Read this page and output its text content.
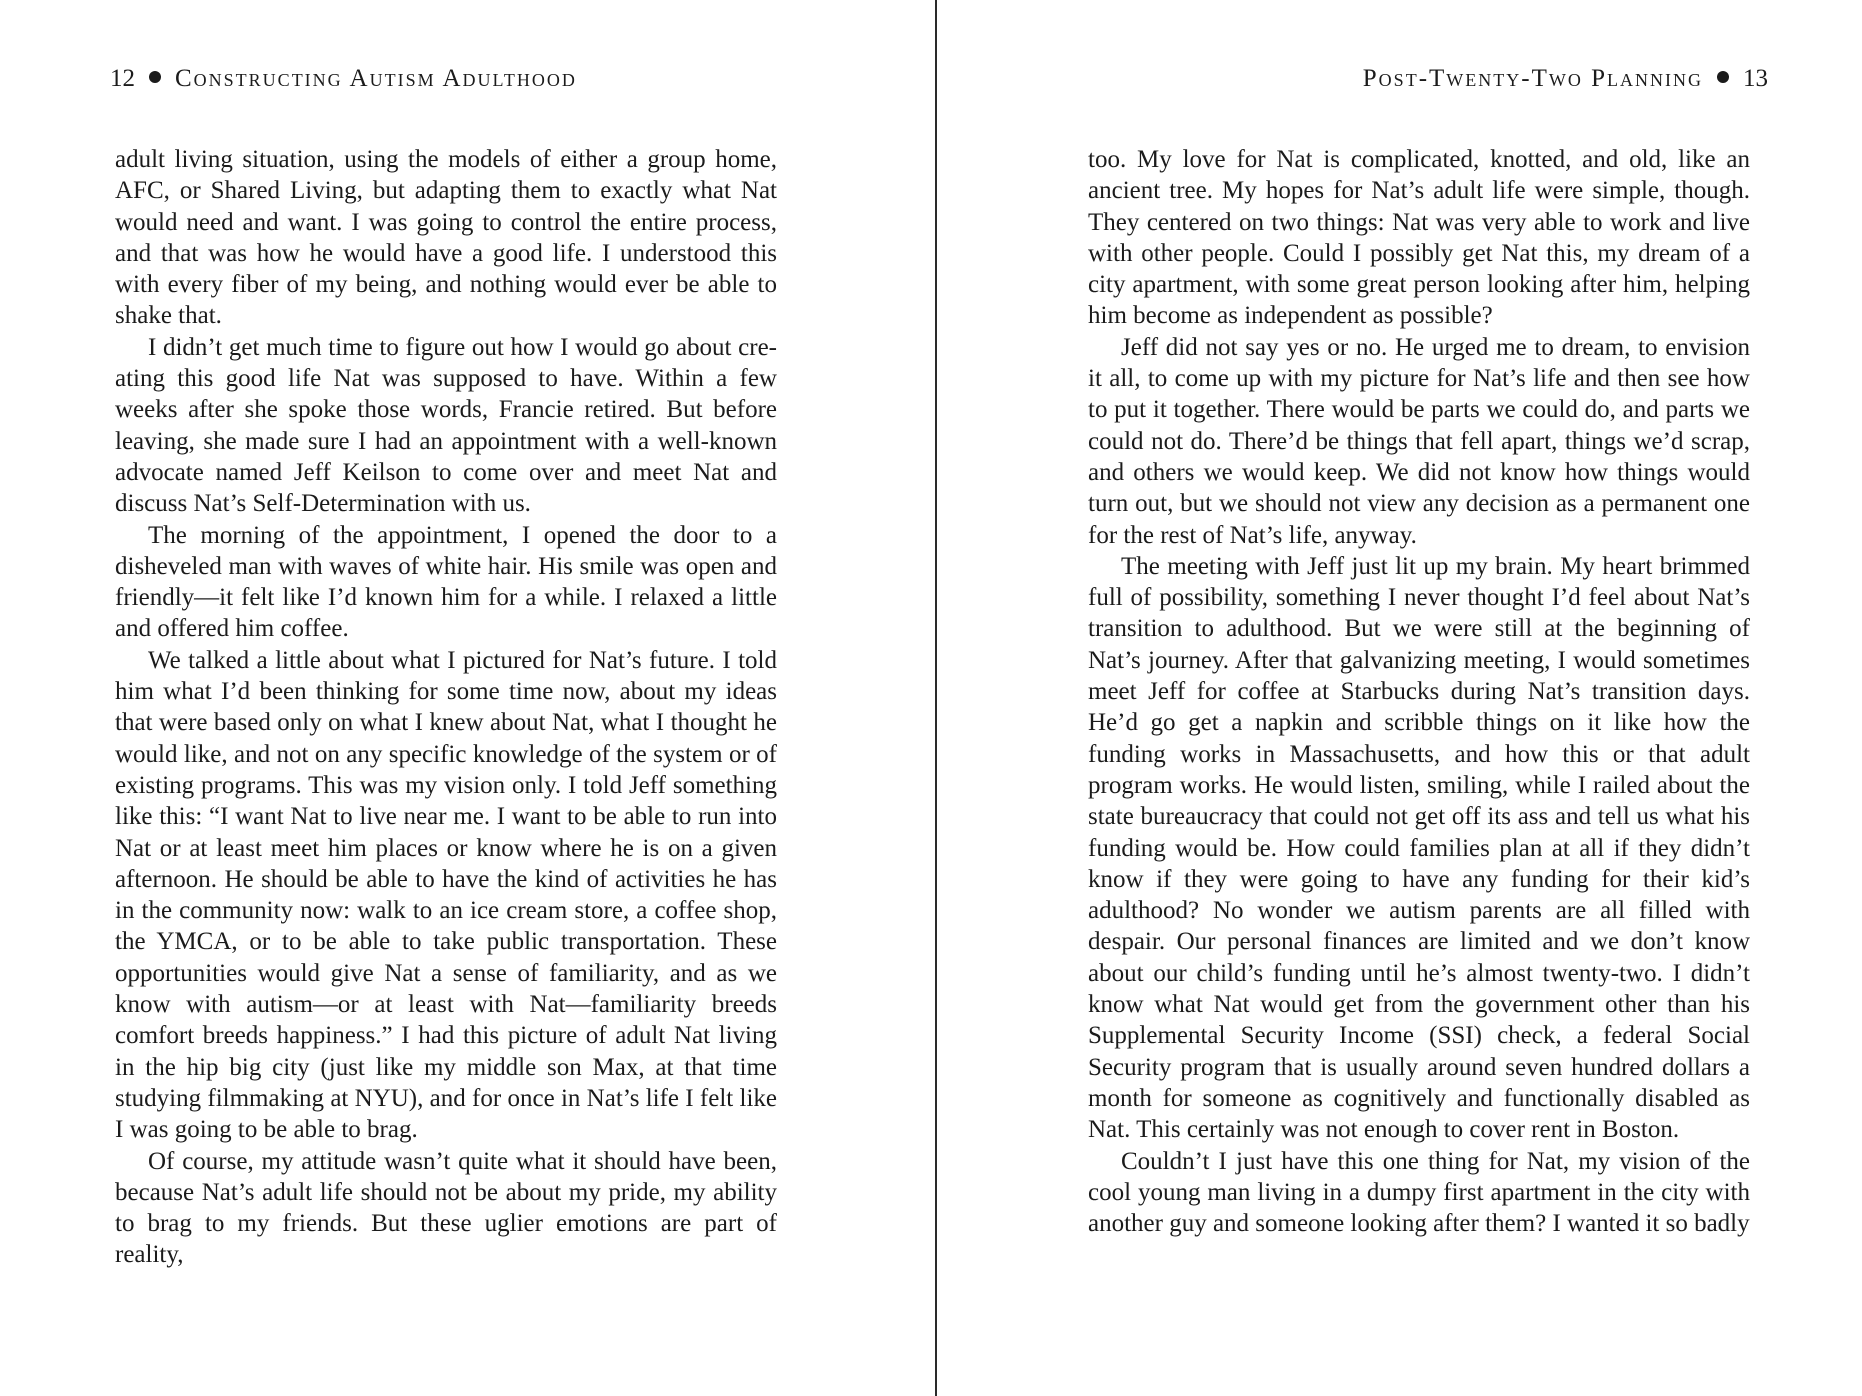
12 Constructing Autism Adulthood

adult living situation, using the models of either a group home, AFC, or Shared Living, but adapting them to exactly what Nat would need and want. I was going to control the entire process, and that was how he would have a good life. I understood this with every fiber of my being, and nothing would ever be able to shake that.

I didn’t get much time to figure out how I would go about cre-ating this good life Nat was supposed to have. Within a few weeks after she spoke those words, Francie retired. But before leaving, she made sure I had an appointment with a well-known advocate named Jeff Keilson to come over and meet Nat and discuss Nat’s Self-Determination with us.

The morning of the appointment, I opened the door to a disheveled man with waves of white hair. His smile was open and friendly—it felt like I’d known him for a while. I relaxed a little and offered him coffee.

We talked a little about what I pictured for Nat’s future. I told him what I’d been thinking for some time now, about my ideas that were based only on what I knew about Nat, what I thought he would like, and not on any specific knowledge of the system or of existing programs. This was my vision only. I told Jeff something like this: “I want Nat to live near me. I want to be able to run into Nat or at least meet him places or know where he is on a given afternoon. He should be able to have the kind of activities he has in the community now: walk to an ice cream store, a coffee shop, the YMCA, or to be able to take public transportation. These opportunities would give Nat a sense of familiarity, and as we know with autism—or at least with Nat—familiarity breeds comfort breeds happiness.” I had this picture of adult Nat living in the hip big city (just like my middle son Max, at that time studying filmmaking at NYU), and for once in Nat’s life I felt like I was going to be able to brag.

Of course, my attitude wasn’t quite what it should have been, because Nat’s adult life should not be about my pride, my ability to brag to my friends. But these uglier emotions are part of reality,

Post-Twenty-Two Planning 13

too. My love for Nat is complicated, knotted, and old, like an ancient tree. My hopes for Nat’s adult life were simple, though. They centered on two things: Nat was very able to work and live with other people. Could I possibly get Nat this, my dream of a city apartment, with some great person looking after him, helping him become as independent as possible?

Jeff did not say yes or no. He urged me to dream, to envision it all, to come up with my picture for Nat’s life and then see how to put it together. There would be parts we could do, and parts we could not do. There’d be things that fell apart, things we’d scrap, and others we would keep. We did not know how things would turn out, but we should not view any decision as a permanent one for the rest of Nat’s life, anyway.

The meeting with Jeff just lit up my brain. My heart brimmed full of possibility, something I never thought I’d feel about Nat’s transition to adulthood. But we were still at the beginning of Nat’s journey. After that galvanizing meeting, I would sometimes meet Jeff for coffee at Starbucks during Nat’s transition days. He’d go get a napkin and scribble things on it like how the funding works in Massachusetts, and how this or that adult program works. He would listen, smiling, while I railed about the state bureaucracy that could not get off its ass and tell us what his funding would be. How could families plan at all if they didn’t know if they were going to have any funding for their kid’s adulthood? No wonder we autism parents are all filled with despair. Our personal finances are limited and we don’t know about our child’s funding until he’s almost twenty-two. I didn’t know what Nat would get from the government other than his Supplemental Security Income (SSI) check, a federal Social Security program that is usually around seven hundred dollars a month for someone as cognitively and functionally disabled as Nat. This certainly was not enough to cover rent in Boston.

Couldn’t I just have this one thing for Nat, my vision of the cool young man living in a dumpy first apartment in the city with another guy and someone looking after them? I wanted it so badly
